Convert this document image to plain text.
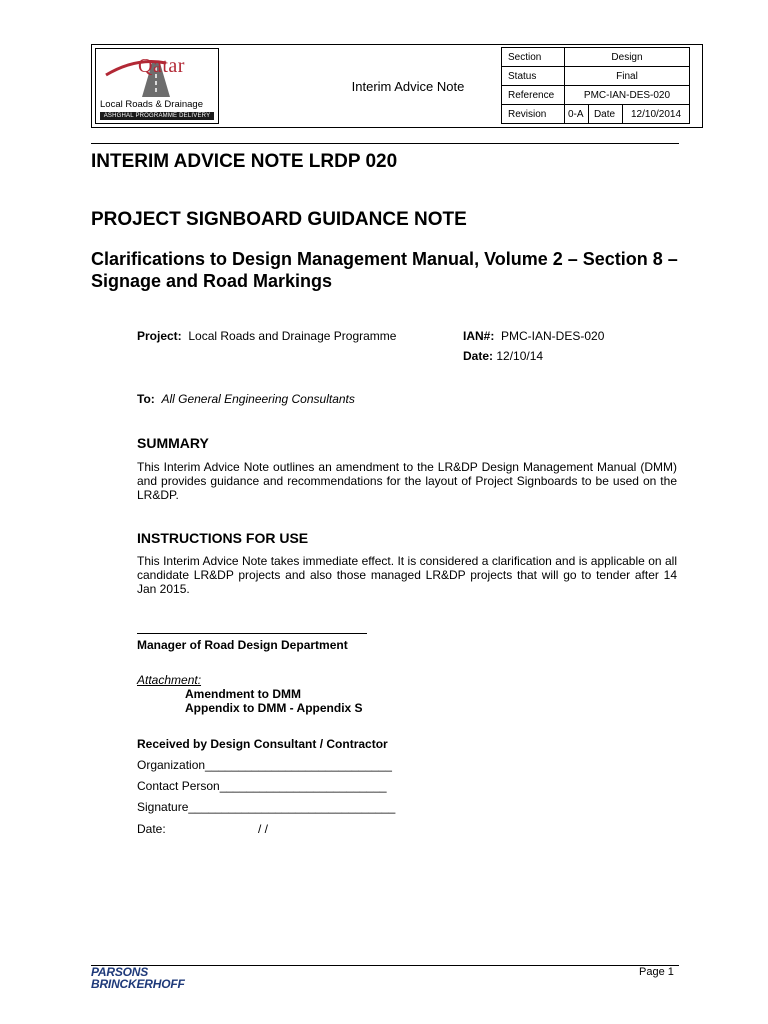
Qatar
Local Roads & Drainage
ASHGHAL PROGRAMME DELIVERY
Interim Advice Note
Section	Design		
Status	Final		
Reference	PMC-IAN-DES-020		
Revision	0-A	Date	12/10/2014
INTERIM ADVICE NOTE LRDP 020
PROJECT SIGNBOARD GUIDANCE NOTE
Clarifications to Design Management Manual, Volume 2 – Section 8 – Signage and Road Markings
Project: Local Roads and Drainage Programme	IAN#: PMC-IAN-DES-020
Date: 12/10/14
To: All General Engineering Consultants
SUMMARY
This Interim Advice Note outlines an amendment to the LR&DP Design Management Manual (DMM) and provides guidance and recommendations for the layout of Project Signboards to be used on the LR&DP.
INSTRUCTIONS FOR USE
This Interim Advice Note takes immediate effect. It is considered a clarification and is applicable on all candidate LR&DP projects and also those managed LR&DP projects that will go to tender after 14 Jan 2015.
Manager of Road Design Department
Attachment:
Amendment to DMM
Appendix to DMM - Appendix S
Received by Design Consultant / Contractor
Organization____________________________
Contact Person_________________________
Signature_______________________________
Date:	/ /
PARSONS
BRINCKERHOFF
Page 1
